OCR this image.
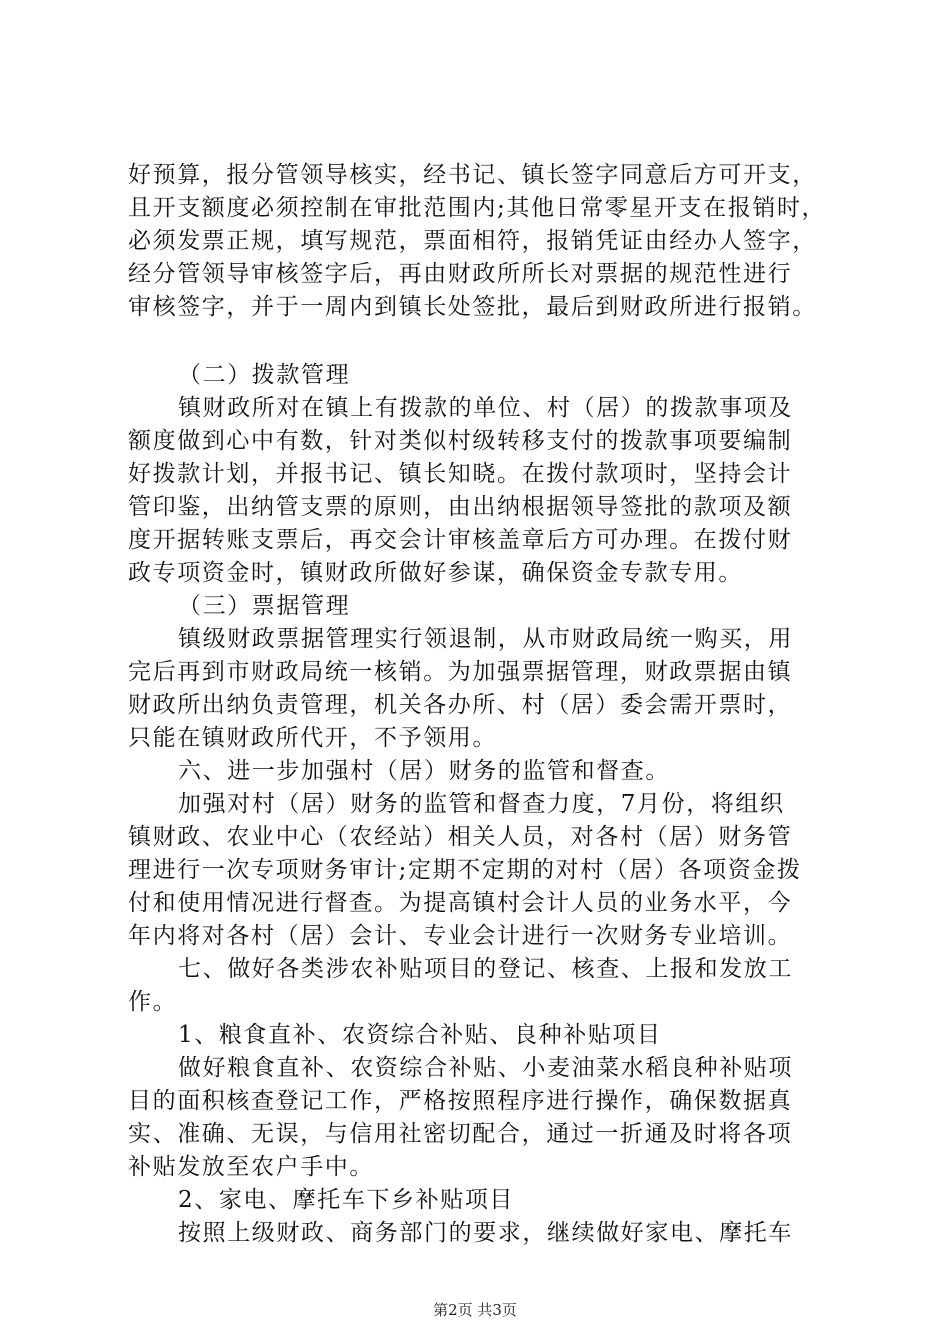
好预算，报分管领导核实，经书记、镇长签字同意后方可开支，
且开支额度必须控制在审批范围内;其他日常零星开支在报销时，
必须发票正规，填写规范，票面相符，报销凭证由经办人签字，
经分管领导审核签字后，再由财政所所长对票据的规范性进行
审核签字，并于一周内到镇长处签批，最后到财政所进行报销。
（二）拨款管理
镇财政所对在镇上有拨款的单位、村（居）的拨款事项及
额度做到心中有数，针对类似村级转移支付的拨款事项要编制
好拨款计划，并报书记、镇长知晓。在拨付款项时，坚持会计
管印鉴，出纳管支票的原则，由出纳根据领导签批的款项及额
度开据转账支票后，再交会计审核盖章后方可办理。在拨付财
政专项资金时，镇财政所做好参谋，确保资金专款专用。
（三）票据管理
镇级财政票据管理实行领退制，从市财政局统一购买，用
完后再到市财政局统一核销。为加强票据管理，财政票据由镇
财政所出纳负责管理，机关各办所、村（居）委会需开票时，
只能在镇财政所代开，不予领用。
六、进一步加强村（居）财务的监管和督查。
加强对村（居）财务的监管和督查力度，7月份，将组织
镇财政、农业中心（农经站）相关人员，对各村（居）财务管
理进行一次专项财务审计;定期不定期的对村（居）各项资金拨
付和使用情况进行督查。为提高镇村会计人员的业务水平，今
年内将对各村（居）会计、专业会计进行一次财务专业培训。
七、做好各类涉农补贴项目的登记、核查、上报和发放工
作。
1、粮食直补、农资综合补贴、良种补贴项目
做好粮食直补、农资综合补贴、小麦油菜水稻良种补贴项
目的面积核查登记工作，严格按照程序进行操作，确保数据真
实、准确、无误，与信用社密切配合，通过一折通及时将各项
补贴发放至农户手中。
2、家电、摩托车下乡补贴项目
按照上级财政、商务部门的要求，继续做好家电、摩托车
第2页 共3页
